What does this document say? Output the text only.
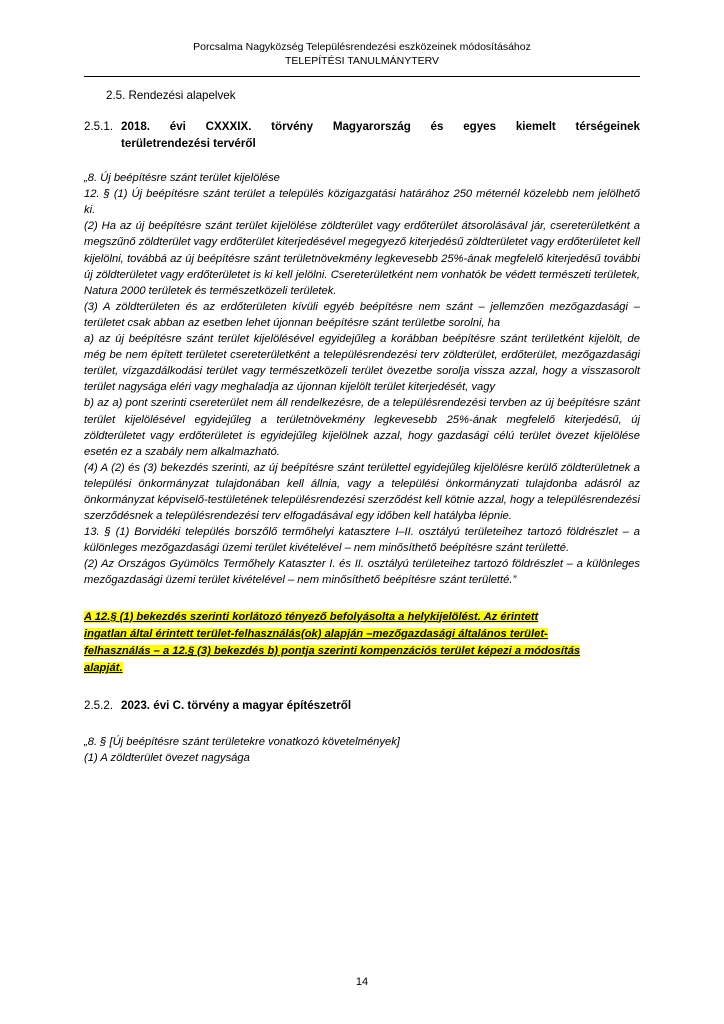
Porcsalma Nagyközség Településrendezési eszközeinek módosításához
TELEPÍTÉSI TANULMÁNYTERV
2.5. Rendezési alapelvek
2.5.1. 2018. évi CXXXIX. törvény Magyarország és egyes kiemelt térségeinek
területrendezési tervéről

„8. Új beépítésre szánt terület kijelölése

12. § (1) Új beépítésre szánt terület a település közigazgatási határához 250 méternél közelebb nem jelölhető ki.

(2) Ha az új beépítésre szánt terület kijelölése zöldterület vagy erdőterület átsorolásával jár, csereterületként a megszűnő zöldterület vagy erdőterület kiterjedésével megegyező kiterjedésű zöldterületet vagy erdőterületet kell kijelölni, továbbá az új beépítésre szánt területnövekmény legkevesebb 25%-ának megfelelő kiterjedésű további új zöldterületet vagy erdőterületet is ki kell jelölni. Csereterületként nem vonhatók be védett természeti területek, Natura 2000 területek és természetközeli területek.

(3) A zöldterületen és az erdőterületen kívüli egyéb beépítésre nem szánt – jellemzően mezőgazdasági – területet csak abban az esetben lehet újonnan beépítésre szánt területbe sorolni, ha

a) az új beépítésre szánt terület kijelölésével egyidejűleg a korábban beépítésre szánt területként kijelölt, de még be nem épített területet csereterületként a településrendezési terv zöldterület, erdőterület, mezőgazdasági terület, vízgazdálkodási terület vagy természetközeli terület övezetbe sorolja vissza azzal, hogy a visszasorolt terület nagysága eléri vagy meghaladja az újonnan kijelölt terület kiterjedését, vagy

b) az a) pont szerinti csereterület nem áll rendelkezésre, de a településrendezési tervben az új beépítésre szánt terület kijelölésével egyidejűleg a területnövekmény legkevesebb 25%-ának megfelelő kiterjedésű, új zöldterületet vagy erdőterületet is egyidejűleg kijelölnek azzal, hogy gazdasági célú terület övezet kijelölése esetén ez a szabály nem alkalmazható.

(4) A (2) és (3) bekezdés szerinti, az új beépítésre szánt területtel egyidejűleg kijelölésre kerülő zöldterületnek a települési önkormányzat tulajdonában kell állnia, vagy a települési önkormányzati tulajdonba adásról az önkormányzat képviselő-testületének településrendezési szerződést kell kötnie azzal, hogy a településrendezési szerződésnek a településrendezési terv elfogadásával egy időben kell hatályba lépnie.

13. § (1) Borvidéki település borszőlő termőhelyi katasztere I–II. osztályú területeihez tartozó földrészlet – a különleges mezőgazdasági üzemi terület kivételével – nem minősíthető beépítésre szánt területté.

(2) Az Országos Gyümölcs Termőhely Kataszter I. és II. osztályú területeihez tartozó földrészlet – a különleges mezőgazdasági üzemi terület kivételével – nem minősíthető beépítésre szánt területté.”

A 12.§ (1) bekezdés szerinti korlátozó tényező befolyásolta a helykijelölést. Az érintett
ingatlan által érintett terület-felhasználás(ok) alapján –mezőgazdasági általános terület-
felhasználás – a 12.§ (3) bekezdés b) pontja szerinti kompenzációs terület képezi a módosítás
alapját.
2.5.2. 2023. évi C. törvény a magyar építészetről

„8. § [Új beépítésre szánt területekre vonatkozó követelmények]

(1) A zöldterület övezet nagysága

14
